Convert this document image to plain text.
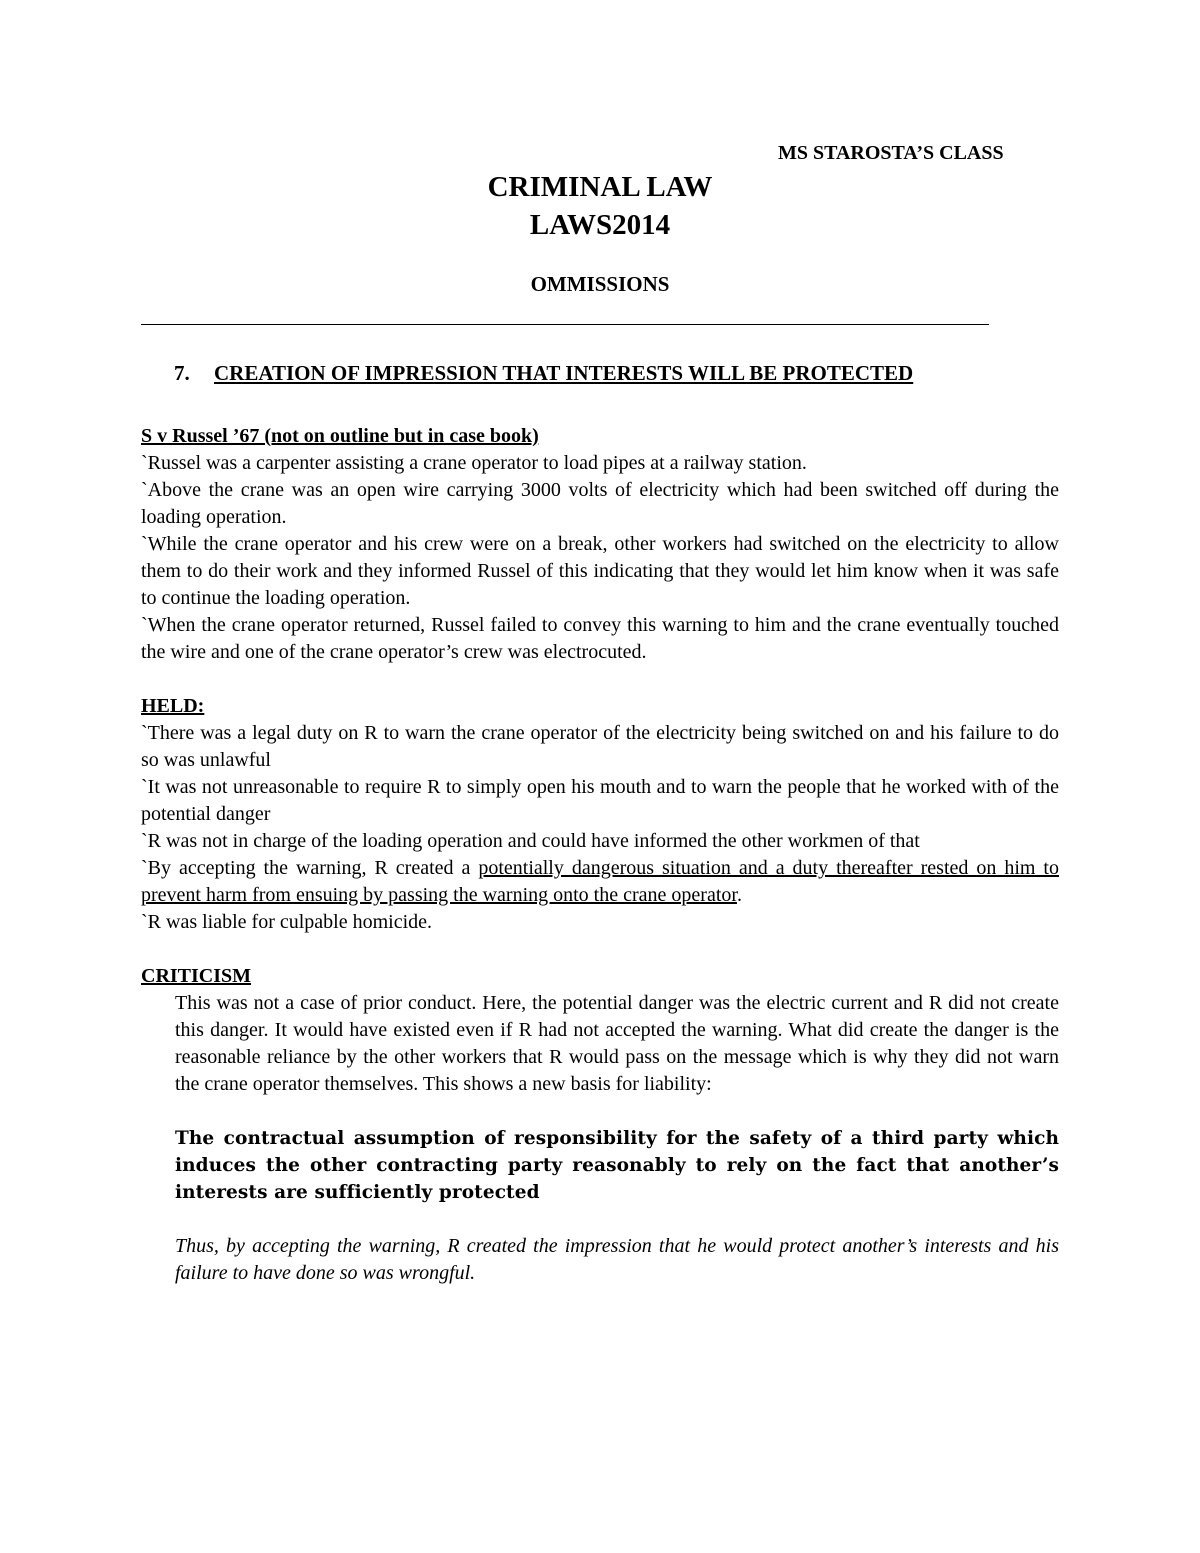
MS STAROSTA’S CLASS
CRIMINAL LAW
LAWS2014
OMMISSIONS
7. CREATION OF IMPRESSION THAT INTERESTS WILL BE PROTECTED

S v Russel ’67 (not on outline but in case book)

`Russel was a carpenter assisting a crane operator to load pipes at a railway station.

`Above the crane was an open wire carrying 3000 volts of electricity which had been switched off during the loading operation.

`While the crane operator and his crew were on a break, other workers had switched on the electricity to allow them to do their work and they informed Russel of this indicating that they would let him know when it was safe to continue the loading operation.

`When the crane operator returned, Russel failed to convey this warning to him and the crane eventually touched the wire and one of the crane operator’s crew was electrocuted.

HELD:

`There was a legal duty on R to warn the crane operator of the electricity being switched on and his failure to do so was unlawful

`It was not unreasonable to require R to simply open his mouth and to warn the people that he worked with of the potential danger

`R was not in charge of the loading operation and could have informed the other workmen of that

`By accepting the warning, R created a potentially dangerous situation and a duty thereafter rested on him to prevent harm from ensuing by passing the warning onto the crane operator.

`R was liable for culpable homicide.

CRITICISM

This was not a case of prior conduct. Here, the potential danger was the electric current and R did not create this danger. It would have existed even if R had not accepted the warning. What did create the danger is the reasonable reliance by the other workers that R would pass on the message which is why they did not warn the crane operator themselves. This shows a new basis for liability:

The contractual assumption of responsibility for the safety of a third party which induces the other contracting party reasonably to rely on the fact that another’s interests are sufficiently protected

Thus, by accepting the warning, R created the impression that he would protect another’s interests and his failure to have done so was wrongful.
